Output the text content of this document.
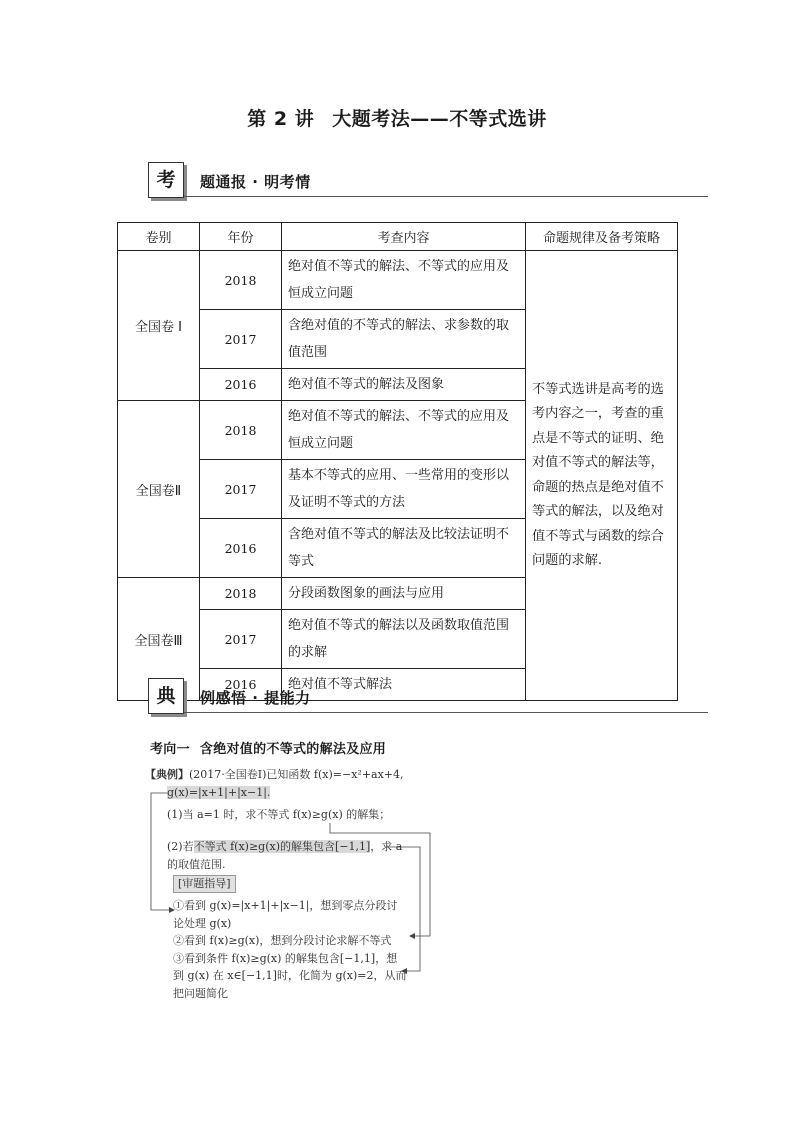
第 2 讲 大题考法——不等式选讲
考	题通报 · 明考情
卷别	年份	考查内容	命题规律及备考策略
全国卷 I	2018	绝对值不等式的解法、不等式的应用及恒成立问题	不等式选讲是高考的选考内容之一，考查的重点是不等式的证明、绝对值不等式的解法等，命题的热点是绝对值不等式的解法，以及绝对值不等式与函数的综合问题的求解.
	2017	含绝对值的不等式的解法、求参数的取值范围	
	2016	绝对值不等式的解法及图象	
全国卷Ⅱ	2018	绝对值不等式的解法、不等式的应用及恒成立问题	
	2017	基本不等式的应用、一些常用的变形以及证明不等式的方法	
	2016	含绝对值不等式的解法及比较法证明不等式	
全国卷Ⅲ	2018	分段函数图象的画法与应用	
	2017	绝对值不等式的解法以及函数取值范围的求解	
	2016	绝对值不等式解法	
典	例感悟 · 提能力
考向一 含绝对值的不等式的解法及应用
【典例】(2017·全国卷Ⅰ)已知函数 f(x)=−x²+ax+4,
g(x)=|x+1|+|x−1|.
(1)当 a=1 时，求不等式 f(x)≥g(x) 的解集；
(2)若不等式 f(x)≥g(x)的解集包含[−1,1]，求 a
的取值范围.
[审题指导]
①看到 g(x)=|x+1|+|x−1|，想到零点分段讨
论处理 g(x)
②看到 f(x)≥g(x)，想到分段讨论求解不等式
③看到条件 f(x)≥g(x) 的解集包含[−1,1]，想
到 g(x) 在 x∈[−1,1]时，化简为 g(x)=2，从而
把问题简化
